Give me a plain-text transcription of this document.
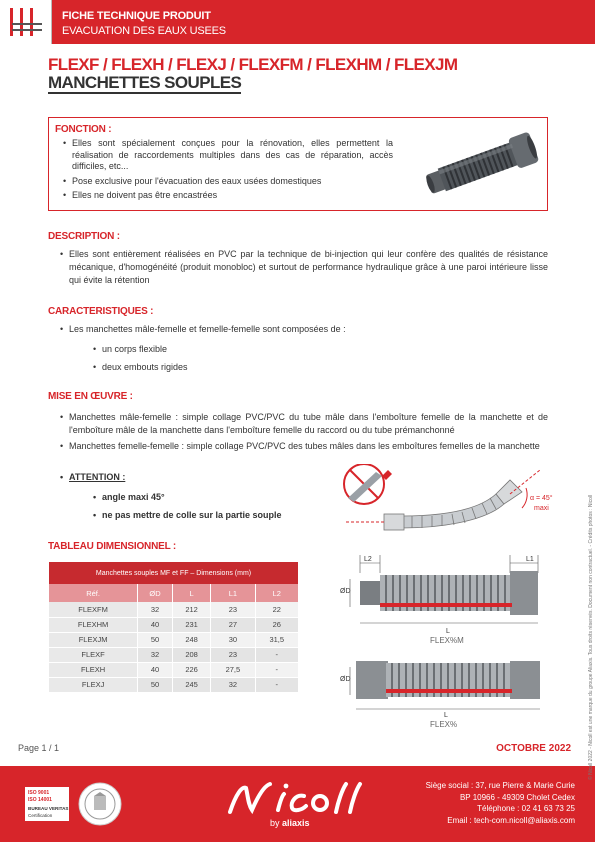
FICHE TECHNIQUE PRODUIT
EVACUATION DES EAUX USEES
FLEXF / FLEXH / FLEXJ / FLEXFM / FLEXHM / FLEXJM
MANCHETTES SOUPLES
FONCTION :
• Elles sont spécialement conçues pour la rénovation, elles permettent la réalisation de raccordements multiples dans des cas de réparation, accès difficiles, etc...
• Pose exclusive pour l'évacuation des eaux usées domestiques
• Elles ne doivent pas être encastrées
DESCRIPTION :
• Elles sont entièrement réalisées en PVC par la technique de bi-injection qui leur confère des qualités de résistance mécanique, d'homogénéité (produit monobloc) et surtout de performance hydraulique grâce à une paroi intérieure lisse qui évite la rétention
CARACTERISTIQUES :
• Les manchettes mâle-femelle et femelle-femelle sont composées de :
• un corps flexible
• deux embouts rigides
MISE EN ŒUVRE :
• Manchettes mâle-femelle : simple collage PVC/PVC du tube mâle dans l'emboîture femelle de la manchette et de l'emboîture mâle de la manchette dans l'emboîture femelle du raccord ou du tube prémanchonné
• Manchettes femelle-femelle : simple collage PVC/PVC des tubes mâles dans les emboîtures femelles de la manchette
• ATTENTION :
• angle maxi 45°
• ne pas mettre de colle sur la partie souple
α = 45°
maxi
TABLEAU DIMENSIONNEL :
Manchettes souples MF et FF – Dimensions (mm)				
Réf.	ØD	L	L1	L2
FLEXFM	32	212	23	22
FLEXHM	40	231	27	26
FLEXJM	50	248	30	31,5
FLEXF	32	208	23	-
FLEXH	40	226	27,5	-
FLEXJ	50	245	32	-
L2	L1
ØD
L
FLEX%M
ØD
L
FLEX%
Page 1 / 1	OCTOBRE 2022
ISO 9001
ISO 14001
BUREAU VERITAS
Certification
by aliaxis
Siège social : 37, rue Pierre & Marie Curie
BP 10966 - 49309 Cholet Cedex
Téléphone : 02 41 63 73 25
Email : tech-com.nicoll@aliaxis.com
© Nicoll 2022 - Nicoll est une marque du groupe Aliaxis. Tous droits réservés. Document non contractuel. - Crédits photos : Nicoll
